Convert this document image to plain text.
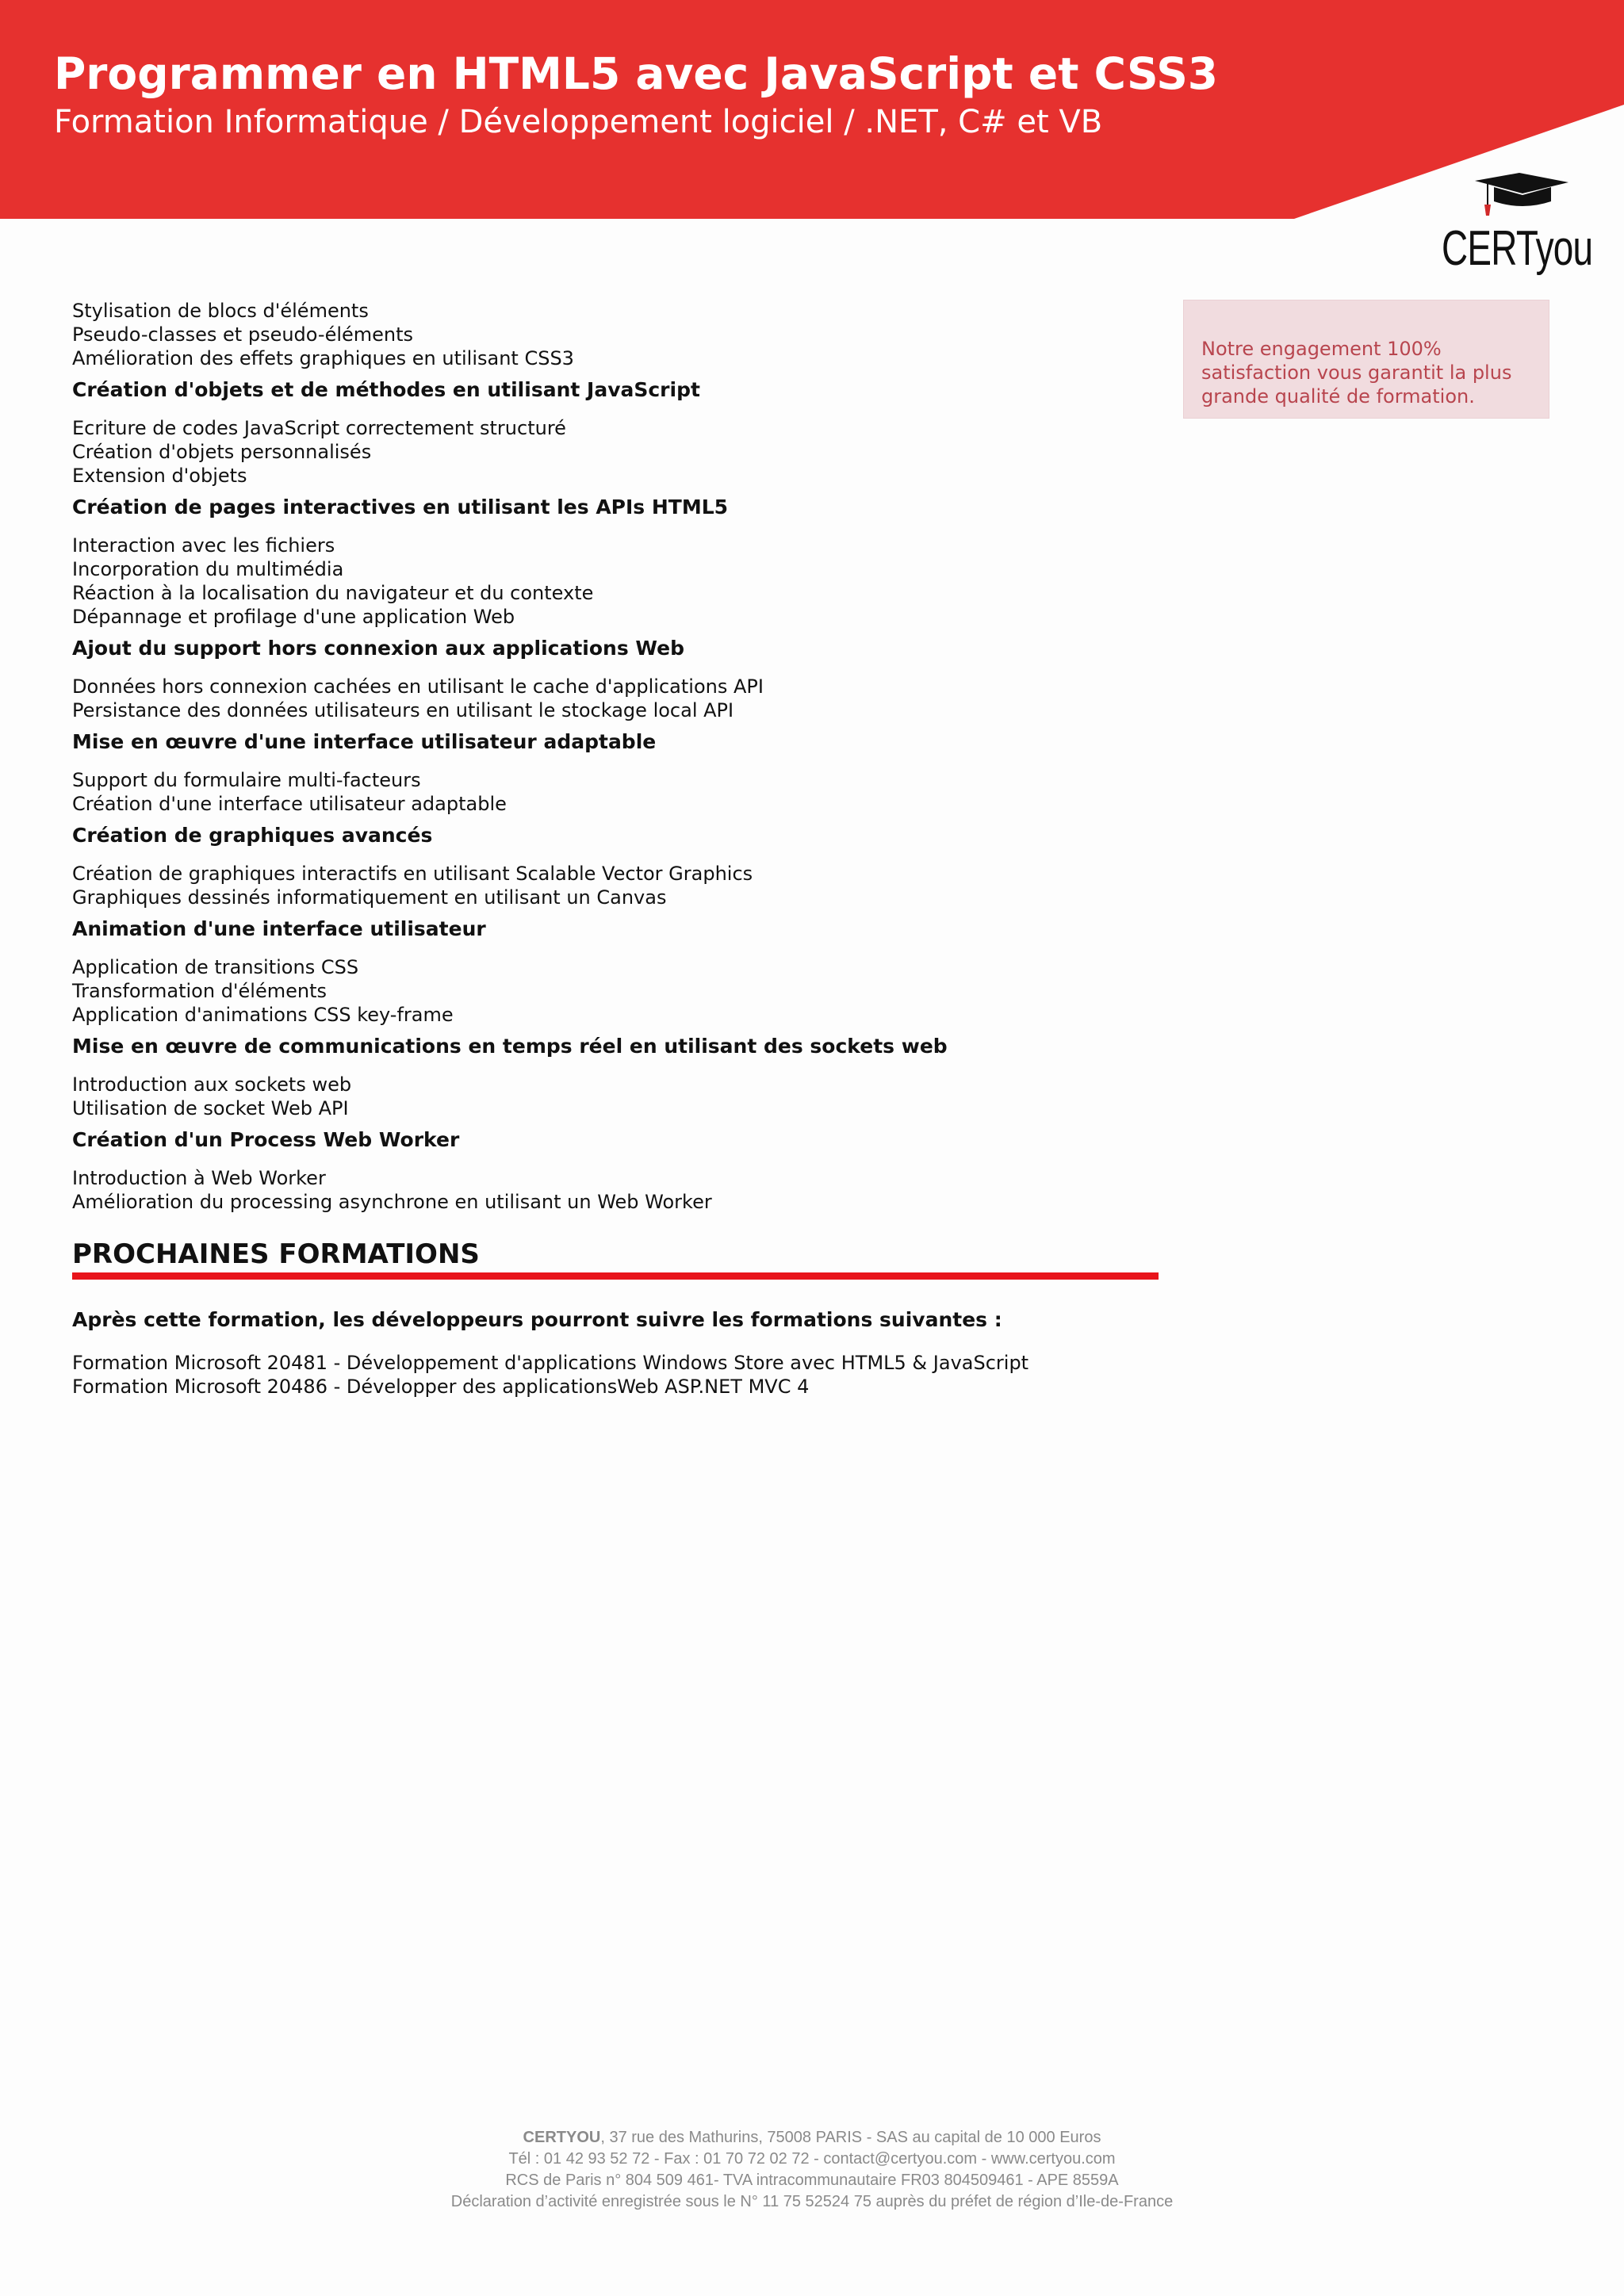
Programmer en HTML5 avec JavaScript et CSS3
Formation Informatique / Développement logiciel / .NET, C# et VB
CERTyou
Notre engagement 100% satisfaction vous garantit la plus grande qualité de formation.

Stylisation de blocs d'éléments

Pseudo-classes et pseudo-éléments

Amélioration des effets graphiques en utilisant CSS3

Création d'objets et de méthodes en utilisant JavaScript

Ecriture de codes JavaScript correctement structuré

Création d'objets personnalisés

Extension d'objets

Création de pages interactives en utilisant les APIs HTML5

Interaction avec les fichiers

Incorporation du multimédia

Réaction à la localisation du navigateur et du contexte

Dépannage et profilage d'une application Web

Ajout du support hors connexion aux applications Web

Données hors connexion cachées en utilisant le cache d'applications API

Persistance des données utilisateurs en utilisant le stockage local API

Mise en œuvre d'une interface utilisateur adaptable

Support du formulaire multi-facteurs

Création d'une interface utilisateur adaptable

Création de graphiques avancés

Création de graphiques interactifs en utilisant Scalable Vector Graphics

Graphiques dessinés informatiquement en utilisant un Canvas

Animation d'une interface utilisateur

Application de transitions CSS

Transformation d'éléments

Application d'animations CSS key-frame

Mise en œuvre de communications en temps réel en utilisant des sockets web

Introduction aux sockets web

Utilisation de socket Web API

Création d'un Process Web Worker

Introduction à Web Worker

Amélioration du processing asynchrone en utilisant un Web Worker

PROCHAINES FORMATIONS

Après cette formation, les développeurs pourront suivre les formations suivantes :

Formation Microsoft 20481 - Développement d'applications Windows Store avec HTML5 & JavaScript

Formation Microsoft 20486 - Développer des applicationsWeb ASP.NET MVC 4

CERTYOU, 37 rue des Mathurins, 75008 PARIS - SAS au capital de 10 000 Euros
Tél : 01 42 93 52 72 - Fax : 01 70 72 02 72 - contact@certyou.com - www.certyou.com
RCS de Paris n° 804 509 461- TVA intracommunautaire FR03 804509461 - APE 8559A
Déclaration d’activité enregistrée sous le N° 11 75 52524 75 auprès du préfet de région d’Ile-de-France
